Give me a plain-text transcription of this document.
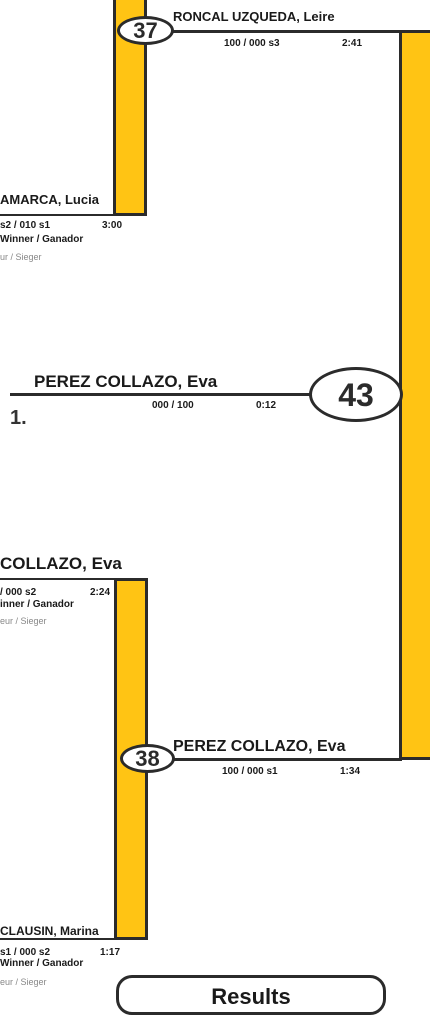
37
RONCAL UZQUEDA, Leire
100 / 000 s3	2:41
AMARCA, Lucia
s2 / 010 s1	3:00
Winner / Ganador
ur / Sieger
PEREZ COLLAZO, Eva
000 / 100	0:12
1.
43
COLLAZO, Eva
/ 000 s2	2:24
inner / Ganador
eur / Sieger
38 PEREZ COLLAZO, Eva
100 / 000 s1	1:34
CLAUSIN, Marina
s1 / 000 s2	1:17
Winner / Ganador
eur / Sieger
Results
